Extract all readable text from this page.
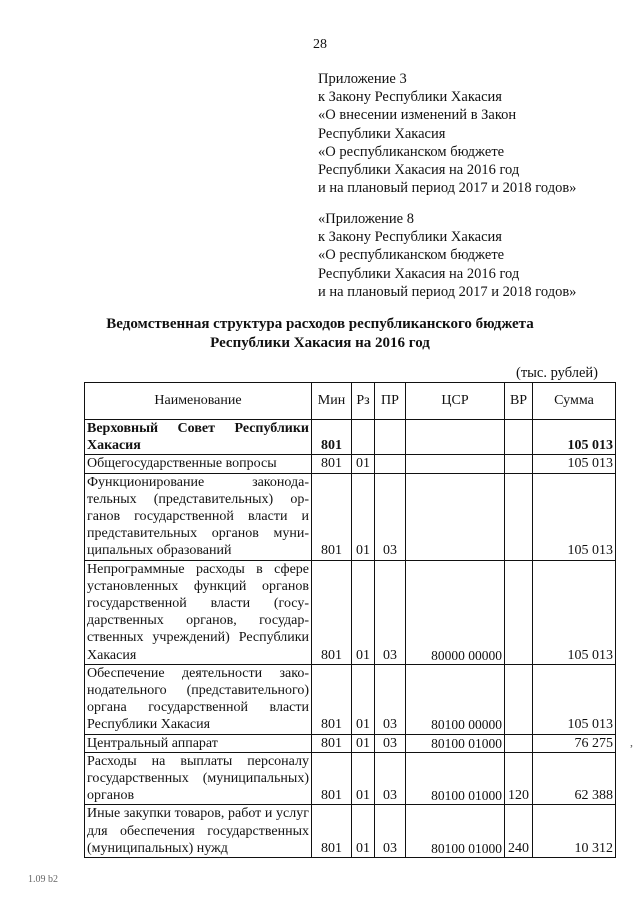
28
Приложение 3
к Закону Республики Хакасия
«О внесении изменений в Закон
Республики Хакасия
«О республиканском бюджете
Республики Хакасия на 2016 год
и на плановый период 2017 и 2018 годов»
«Приложение 8
к Закону Республики Хакасия
«О республиканском бюджете
Республики Хакасия на 2016 год
и на плановый период 2017 и 2018 годов»
Ведомственная структура расходов республиканского бюджета
Республики Хакасия на 2016 год
(тыс. рублей)
Наименование	Мин	Рз	ПР	ЦСР	ВР	Сумма
Верховный Совет Республики Хакасия	801					105 013
Общегосударственные вопросы	801	01				105 013
Функционирование законодательных (представительных) органов государственной власти и представительных органов муниципальных образований	801	01	03			105 013
Непрограммные расходы в сфере установленных функций органов государственной власти (государственных органов, государственных учреждений) Республики Хакасия	801	01	03	80000 00000		105 013
Обеспечение деятельности законодательного (представительного) органа государственной власти Республики Хакасия	801	01	03	80100 00000		105 013
Центральный аппарат	801	01	03	80100 01000		76 275
Расходы на выплаты персоналу государственных (муниципальных) органов	801	01	03	80100 01000	120	62 388
Иные закупки товаров, работ и услуг для обеспечения государственных (муниципальных) нужд	801	01	03	80100 01000	240	10 312
1.09 b2
,
